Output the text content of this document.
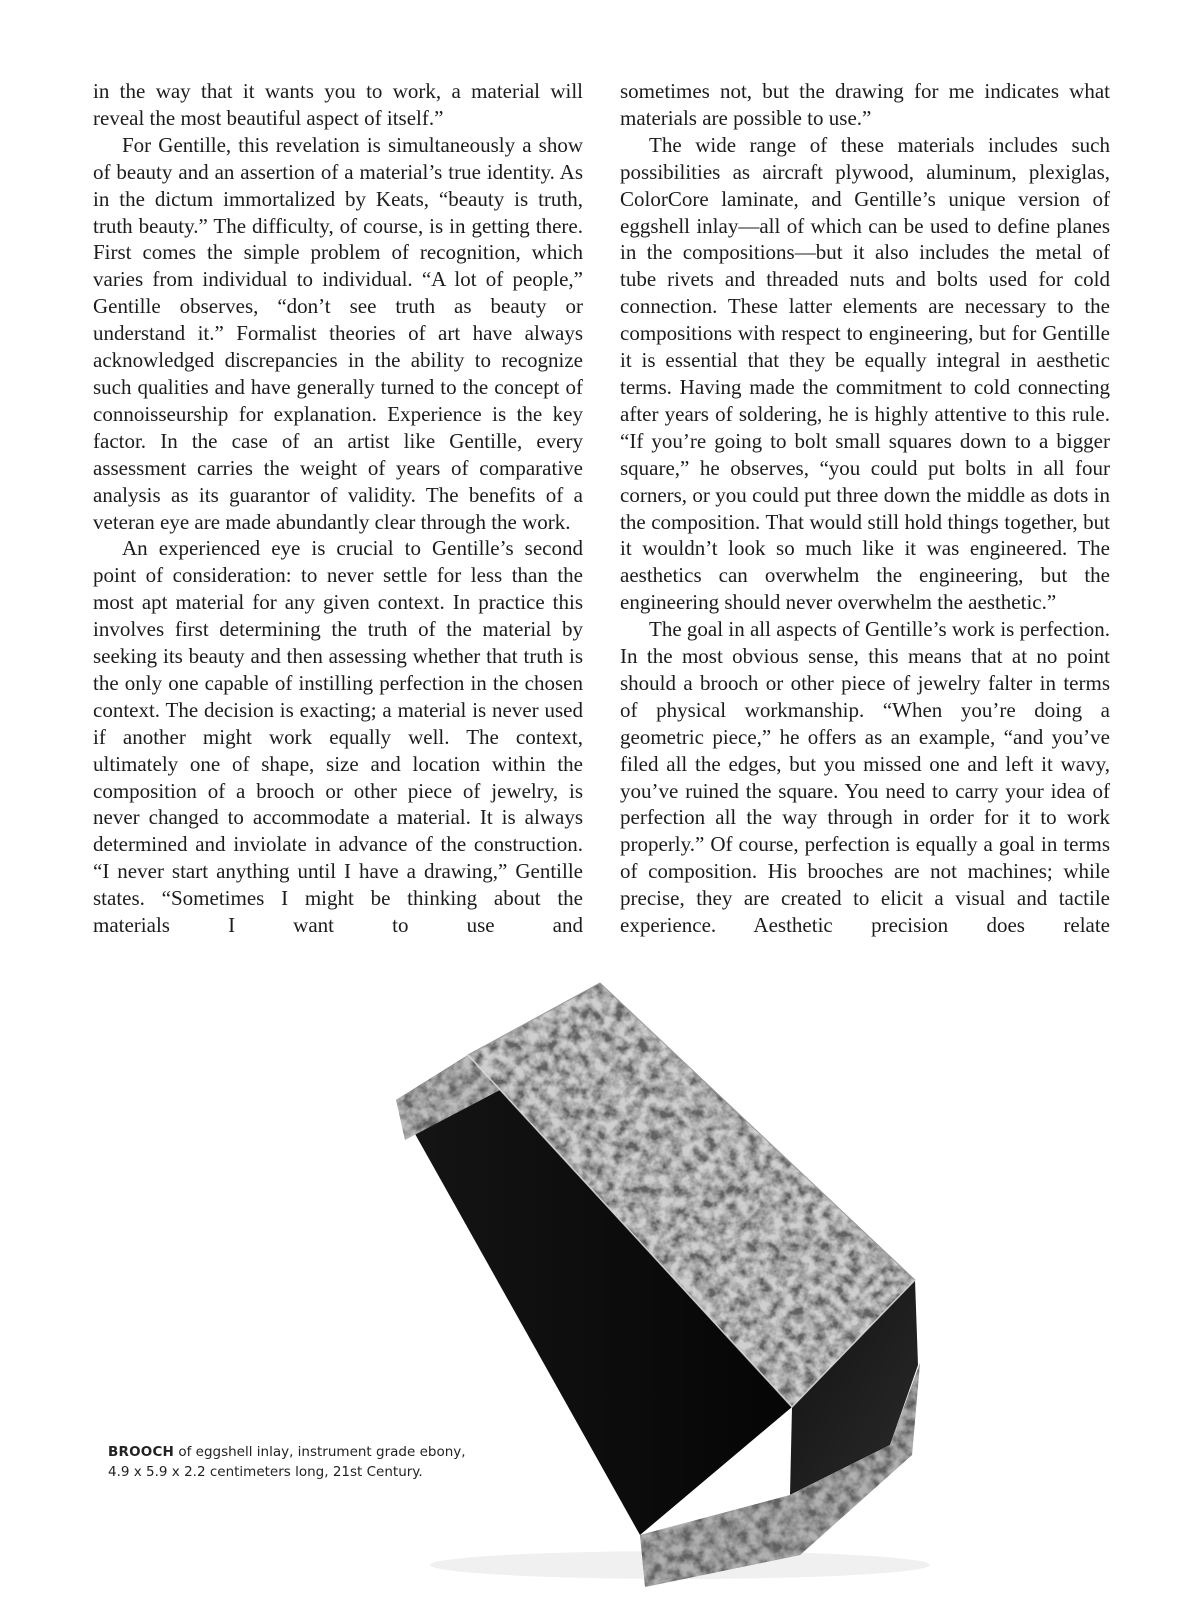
in the way that it wants you to work, a material will reveal the most beautiful aspect of itself.”

For Gentille, this revelation is simultaneously a show of beauty and an assertion of a material’s true identity. As in the dictum immortalized by Keats, “beauty is truth, truth beauty.” The difficulty, of course, is in getting there. First comes the simple problem of recognition, which varies from individual to individual. “A lot of people,” Gentille observes, “don’t see truth as beauty or understand it.” Formalist theories of art have always acknowledged discrepancies in the ability to recognize such qualities and have generally turned to the concept of connoisseurship for explanation. Experience is the key factor. In the case of an artist like Gentille, every assessment carries the weight of years of comparative analysis as its guarantor of validity. The benefits of a veteran eye are made abundantly clear through the work.

An experienced eye is crucial to Gentille’s second point of consideration: to never settle for less than the most apt material for any given context. In practice this involves first determining the truth of the material by seeking its beauty and then assessing whether that truth is the only one capable of instilling perfection in the chosen context. The decision is exacting; a material is never used if another might work equally well. The context, ultimately one of shape, size and location within the composition of a brooch or other piece of jewelry, is never changed to accommodate a material. It is always determined and inviolate in advance of the construction. “I never start anything until I have a drawing,” Gentille states. “Sometimes I might be thinking about the materials I want to use and

sometimes not, but the drawing for me indicates what materials are possible to use.”

The wide range of these materials includes such possibilities as aircraft plywood, aluminum, plexiglas, ColorCore laminate, and Gentille’s unique version of eggshell inlay—all of which can be used to define planes in the compositions—but it also includes the metal of tube rivets and threaded nuts and bolts used for cold connection. These latter elements are necessary to the compositions with respect to engineering, but for Gentille it is essential that they be equally integral in aesthetic terms. Having made the commitment to cold connecting after years of soldering, he is highly attentive to this rule. “If you’re going to bolt small squares down to a bigger square,” he observes, “you could put bolts in all four corners, or you could put three down the middle as dots in the composition. That would still hold things together, but it wouldn’t look so much like it was engineered. The aesthetics can overwhelm the engineering, but the engineering should never overwhelm the aesthetic.”

The goal in all aspects of Gentille’s work is perfection. In the most obvious sense, this means that at no point should a brooch or other piece of jewelry falter in terms of physical workmanship. “When you’re doing a geometric piece,” he offers as an example, “and you’ve filed all the edges, but you missed one and left it wavy, you’ve ruined the square. You need to carry your idea of perfection all the way through in order for it to work properly.” Of course, perfection is equally a goal in terms of composition. His brooches are not machines; while precise, they are created to elicit a visual and tactile experience. Aesthetic precision does relate

BROOCH of eggshell inlay, instrument grade ebony,
4.9 x 5.9 x 2.2 centimeters long, 21st Century.
